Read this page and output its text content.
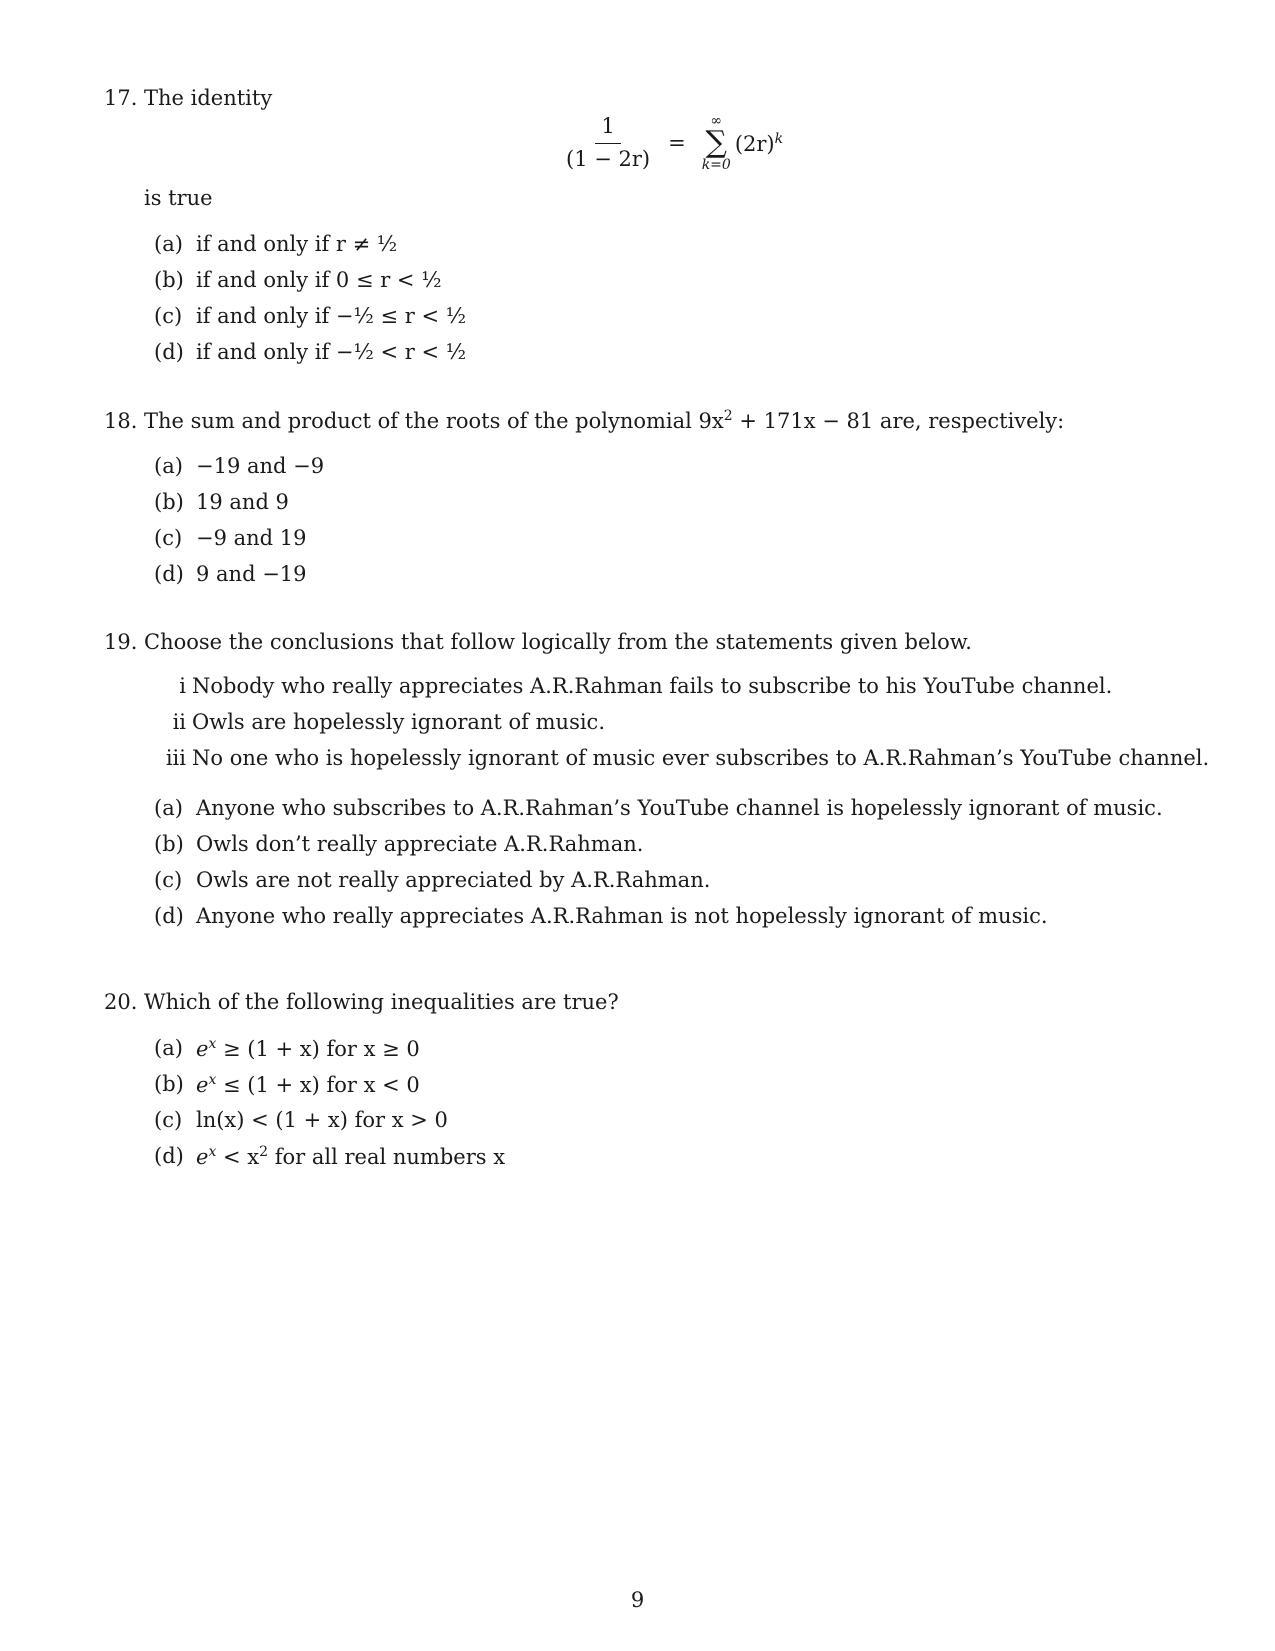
17. The identity
$\frac{1}{(1 - 2r)}$ =
∞
∑
k=0
$(2r)^k$
is true
(a) if and only if r ≠ ½
(b) if and only if 0 ≤ r < ½
(c) if and only if −½ ≤ r < ½
(d) if and only if −½ < r < ½
18. The sum and product of the roots of the polynomial $9x^2 + 171x - 81$ are, respectively:
(a) −19 and −9
(b) 19 and 9
(c) −9 and 19
(d) 9 and −19
19. Choose the conclusions that follow logically from the statements given below.
i Nobody who really appreciates A.R.Rahman fails to subscribe to his YouTube channel.
ii Owls are hopelessly ignorant of music.
iii No one who is hopelessly ignorant of music ever subscribes to A.R.Rahman’s YouTube channel.
(a) Anyone who subscribes to A.R.Rahman’s YouTube channel is hopelessly ignorant of music.
(b) Owls don’t really appreciate A.R.Rahman.
(c) Owls are not really appreciated by A.R.Rahman.
(d) Anyone who really appreciates A.R.Rahman is not hopelessly ignorant of music.
20. Which of the following inequalities are true?
(a) $e^x \ge (1 + x)$ for x ≥ 0
(b) $e^x \le (1 + x)$ for x < 0
(c) ln(x) < (1 + x) for x > 0
(d) $e^x < x^2$ for all real numbers x
9
